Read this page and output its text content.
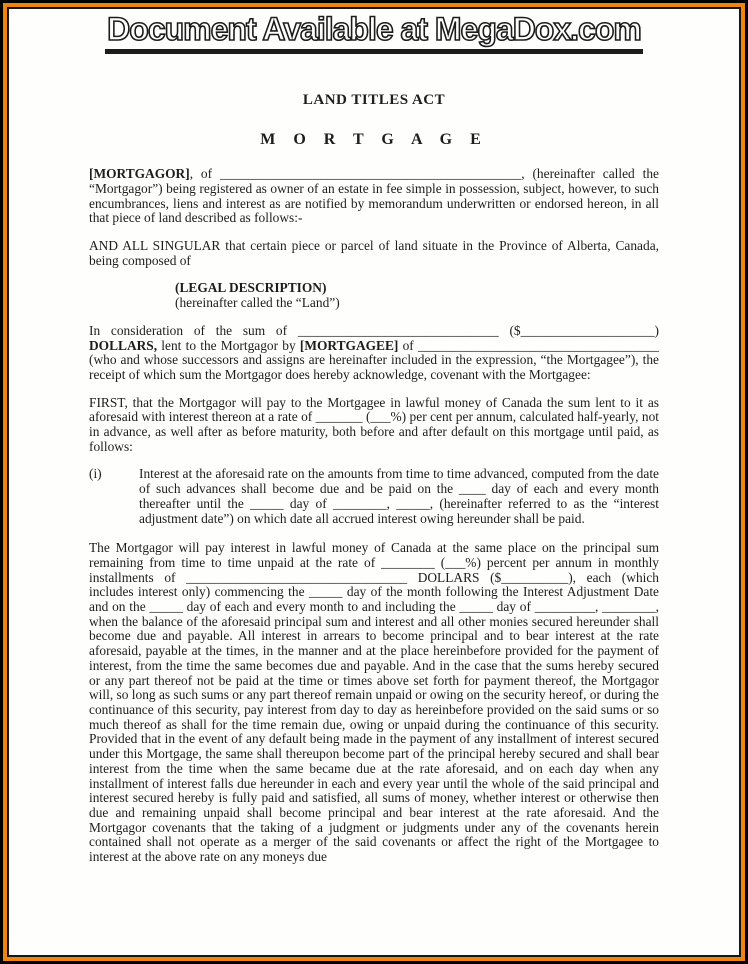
Document Available at MegaDox.com
LAND TITLES ACT
M O R T G A G E

[MORTGAGOR], of _____________________________________________, (hereinafter called the “Mortgagor”) being registered as owner of an estate in fee simple in possession, subject, however, to such encumbrances, liens and interest as are notified by memorandum underwritten or endorsed hereon, in all that piece of land described as follows:-

AND ALL SINGULAR that certain piece or parcel of land situate in the Province of Alberta, Canada, being composed of

(LEGAL DESCRIPTION)
(hereinafter called the “Land”)

In consideration of the sum of ______________________________ ($____________________) DOLLARS, lent to the Mortgagor by [MORTGAGEE] of ____________________________________ (who and whose successors and assigns are hereinafter included in the expression, “the Mortgagee”), the receipt of which sum the Mortgagor does hereby acknowledge, covenant with the Mortgagee:

FIRST, that the Mortgagor will pay to the Mortgagee in lawful money of Canada the sum lent to it as aforesaid with interest thereon at a rate of _______ (___%) per cent per annum, calculated half-yearly, not in advance, as well after as before maturity, both before and after default on this mortgage until paid, as follows:

(i)	Interest at the aforesaid rate on the amounts from time to time advanced, computed from the date of such advances shall become due and be paid on the ____ day of each and every month thereafter until the _____ day of ________, _____, (hereinafter referred to as the “interest adjustment date”) on which date all accrued interest owing hereunder shall be paid.

The Mortgagor will pay interest in lawful money of Canada at the same place on the principal sum remaining from time to time unpaid at the rate of ________ (___%) percent per annum in monthly installments of _________________________________ DOLLARS ($__________), each (which includes interest only) commencing the _____ day of the month following the Interest Adjustment Date and on the _____ day of each and every month to and including the _____ day of _________, ________, when the balance of the aforesaid principal sum and interest and all other monies secured hereunder shall become due and payable. All interest in arrears to become principal and to bear interest at the rate aforesaid, payable at the times, in the manner and at the place hereinbefore provided for the payment of interest, from the time the same becomes due and payable. And in the case that the sums hereby secured or any part thereof not be paid at the time or times above set forth for payment thereof, the Mortgagor will, so long as such sums or any part thereof remain unpaid or owing on the security hereof, or during the continuance of this security, pay interest from day to day as hereinbefore provided on the said sums or so much thereof as shall for the time remain due, owing or unpaid during the continuance of this security. Provided that in the event of any default being made in the payment of any installment of interest secured under this Mortgage, the same shall thereupon become part of the principal hereby secured and shall bear interest from the time when the same became due at the rate aforesaid, and on each day when any installment of interest falls due hereunder in each and every year until the whole of the said principal and interest secured hereby is fully paid and satisfied, all sums of money, whether interest or otherwise then due and remaining unpaid shall become principal and bear interest at the rate aforesaid. And the Mortgagor covenants that the taking of a judgment or judgments under any of the covenants herein contained shall not operate as a merger of the said covenants or affect the right of the Mortgagee to interest at the above rate on any moneys due
